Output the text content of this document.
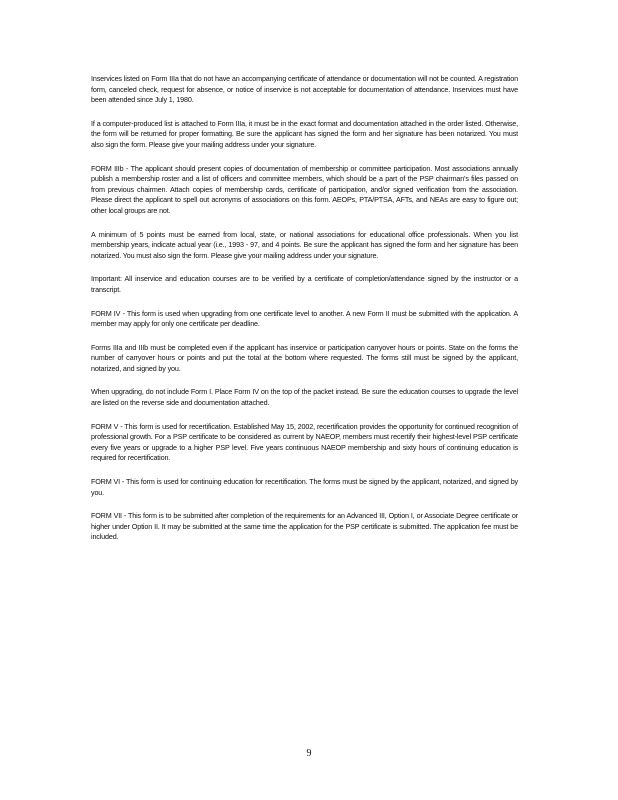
Inservices listed on Form IIIa that do not have an accompanying certificate of attendance or documentation will not be counted. A registration form, canceled check, request for absence, or notice of inservice is not acceptable for documentation of attendance. Inservices must have been attended since July 1, 1980.

If a computer-produced list is attached to Form IIIa, it must be in the exact format and documentation attached in the order listed. Otherwise, the form will be returned for proper formatting. Be sure the applicant has signed the form and her signature has been notarized. You must also sign the form. Please give your mailing address under your signature.

FORM IIIb - The applicant should present copies of documentation of membership or committee participation. Most associations annually publish a membership roster and a list of officers and committee members, which should be a part of the PSP chairman's files passed on from previous chairmen. Attach copies of membership cards, certificate of participation, and/or signed verification from the association. Please direct the applicant to spell out acronyms of associations on this form. AEOPs, PTA/PTSA, AFTs, and NEAs are easy to figure out; other local groups are not.

A minimum of 5 points must be earned from local, state, or national associations for educational office professionals. When you list membership years, indicate actual year (i.e., 1993 - 97, and 4 points. Be sure the applicant has signed the form and her signature has been notarized. You must also sign the form. Please give your mailing address under your signature.

Important: All inservice and education courses are to be verified by a certificate of completion/attendance signed by the instructor or a transcript.

FORM IV - This form is used when upgrading from one certificate level to another. A new Form II must be submitted with the application. A member may apply for only one certificate per deadline.

Forms IIIa and IIIb must be completed even if the applicant has inservice or participation carryover hours or points. State on the forms the number of carryover hours or points and put the total at the bottom where requested. The forms still must be signed by the applicant, notarized, and signed by you.

When upgrading, do not include Form I. Place Form IV on the top of the packet instead. Be sure the education courses to upgrade the level are listed on the reverse side and documentation attached.

FORM V - This form is used for recertification. Established May 15, 2002, recertification provides the opportunity for continued recognition of professional growth. For a PSP certificate to be considered as current by NAEOP, members must recertify their highest-level PSP certificate every five years or upgrade to a higher PSP level. Five years continuous NAEOP membership and sixty hours of continuing education is required for recertification.

FORM VI - This form is used for continuing education for recertification. The forms must be signed by the applicant, notarized, and signed by you.

FORM VII - This form is to be submitted after completion of the requirements for an Advanced III, Option I, or Associate Degree certificate or higher under Option II. It may be submitted at the same time the application for the PSP certificate is submitted. The application fee must be included.

9
